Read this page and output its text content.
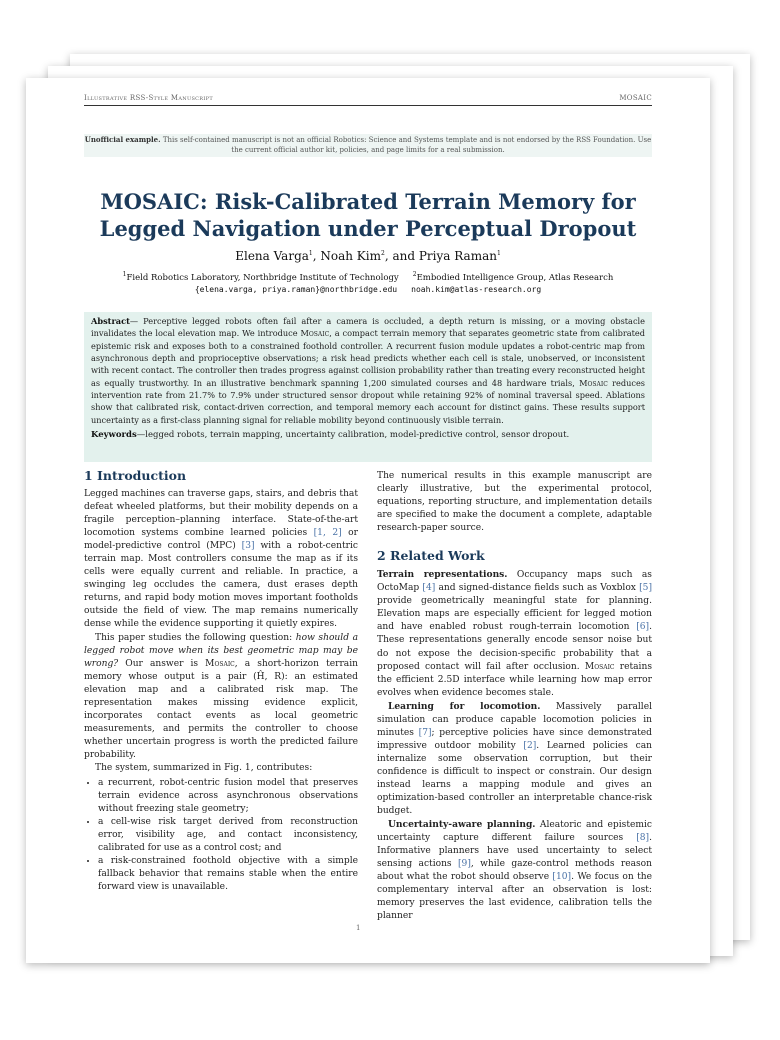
Illustrative RSS-Style Manuscript	MOSAIC
Unofficial example. This self-contained manuscript is not an official Robotics: Science and Systems template and is not endorsed by the RSS Foundation. Use the current official author kit, policies, and page limits for a real submission.
MOSAIC: Risk-Calibrated Terrain Memory for Legged Navigation under Perceptual Dropout
Elena Varga$^1$, Noah Kim$^2$, and Priya Raman$^1$
$^1$Field Robotics Laboratory, Northbridge Institute of Technology $^2$Embodied Intelligence Group, Atlas Research
{elena.varga, priya.raman}@northbridge.edu noah.kim@atlas-research.org
Abstract— Perceptive legged robots often fail after a camera is occluded, a depth return is missing, or a moving obstacle invalidates the local elevation map. We introduce Mosaic, a compact terrain memory that separates geometric state from calibrated epistemic risk and exposes both to a constrained foothold controller. A recurrent fusion module updates a robot-centric map from asynchronous depth and proprioceptive observations; a risk head predicts whether each cell is stale, unobserved, or inconsistent with recent contact. The controller then trades progress against collision probability rather than treating every reconstructed height as equally trustworthy. In an illustrative benchmark spanning 1,200 simulated courses and 48 hardware trials, Mosaic reduces intervention rate from 21.7% to 7.9% under structured sensor dropout while retaining 92% of nominal traversal speed. Ablations show that calibrated risk, contact-driven correction, and temporal memory each account for distinct gains. These results support uncertainty as a first-class planning signal for reliable mobility beyond continuously visible terrain.
Keywords—legged robots, terrain mapping, uncertainty calibration, model-predictive control, sensor dropout.
1 Introduction

Legged machines can traverse gaps, stairs, and debris that defeat wheeled platforms, but their mobility depends on a fragile perception–planning interface. State-of-the-art locomotion systems combine learned policies [1, 2] or model-predictive control (MPC) [3] with a robot-centric terrain map. Most controllers consume the map as if its cells were equally current and reliable. In practice, a swinging leg occludes the camera, dust erases depth returns, and rapid body motion moves important footholds outside the field of view. The map remains numerically dense while the evidence supporting it quietly expires.

This paper studies the following question: how should a legged robot move when its best geometric map may be wrong? Our answer is Mosaic, a short-horizon terrain memory whose output is a pair (Ĥ, R): an estimated elevation map and a calibrated risk map. The representation makes missing evidence explicit, incorporates contact events as local geometric measurements, and permits the controller to choose whether uncertain progress is worth the predicted failure probability.

The system, summarized in Fig. 1, contributes:

• a recurrent, robot-centric fusion model that preserves terrain evidence across asynchronous observations without freezing stale geometry;
• a cell-wise risk target derived from reconstruction error, visibility age, and contact inconsistency, calibrated for use as a control cost; and
• a risk-constrained foothold objective with a simple fallback behavior that remains stable when the entire forward view is unavailable.

The numerical results in this example manuscript are clearly illustrative, but the experimental protocol, equations, reporting structure, and implementation details are specified to make the document a complete, adaptable research-paper source.

2 Related Work

Terrain representations. Occupancy maps such as OctoMap [4] and signed-distance fields such as Voxblox [5] provide geometrically meaningful state for planning. Elevation maps are especially efficient for legged motion and have enabled robust rough-terrain locomotion [6]. These representations generally encode sensor noise but do not expose the decision-specific probability that a proposed contact will fail after occlusion. Mosaic retains the efficient 2.5D interface while learning how map error evolves when evidence becomes stale.

Learning for locomotion. Massively parallel simulation can produce capable locomotion policies in minutes [7]; perceptive policies have since demonstrated impressive outdoor mobility [2]. Learned policies can internalize some observation corruption, but their confidence is difficult to inspect or constrain. Our design instead learns a mapping module and gives an optimization-based controller an interpretable chance-risk budget.

Uncertainty-aware planning. Aleatoric and epistemic uncertainty capture different failure sources [8]. Informative planners have used uncertainty to select sensing actions [9], while gaze-control methods reason about what the robot should observe [10]. We focus on the complementary interval after an observation is lost: memory preserves the last evidence, calibration tells the planner

1
